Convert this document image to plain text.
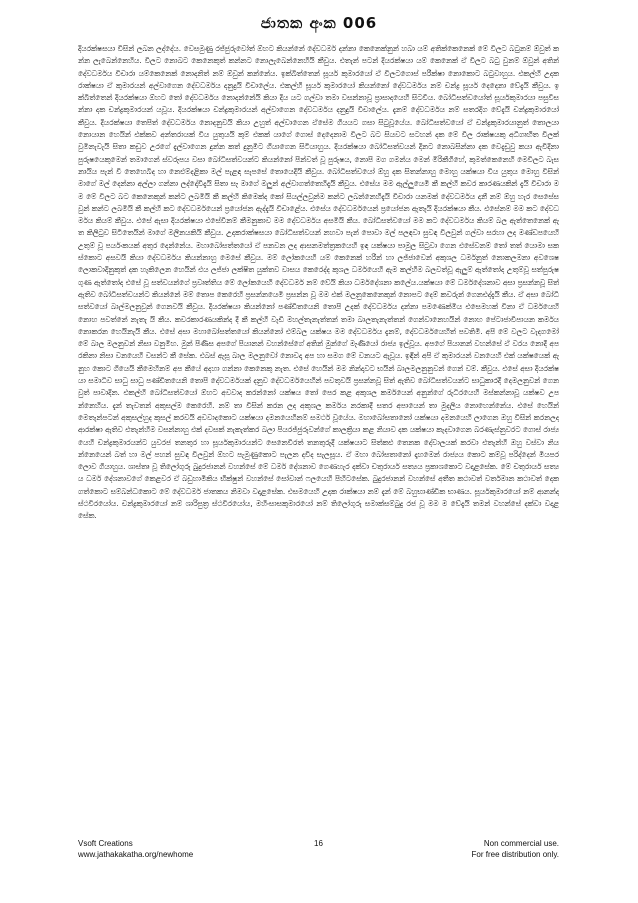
ජාතක අංක 006
දියරක්ෂසයා විසින් ලබන ලද්දේය. වෙසමුණු රජ්ජුරුවෝත් ඕහට කියන්නේ දේවධර්ම දන්නා කෙනෙක්නුන් හබා යම් අතික්කෙනෙක් මේ විලට බටුනම් ඕවුත් කන්න ලැබෙන්නෙහිය. විලට නොබට කෙනෙකුත් කන්නට නොලැබෙන්නෙහියි කීවුය. එතැන් පටන් දියරක්ෂයා යම් කෙනෙක් ඒ විලට බටු වුනම් ඕවුන් අතින් දේවධර්මය විචාරා යම්කෙනෙක් නොදනිත් නම් ඕවුන් කන්නේය. ඉක්බිත්තෙන් සූර්ය කුමාරයෝ ඒ විලටගොස් පරීක්ෂා නොකොට බටුවාහුය. එකල්හි උදක රාක්ෂයා ඒ කුමාරයන් අල්වාගෙන දේවධර්මය දනුදුයි විචාලේය. එකල්හි සූර්ය කුමාරයෝ කියන්නෝ දේවධර්මය නම් චන්ද්‍ර සූර්ය දෙදෙනා වේදැයි කීවුය. ඉක්බිත්තෙන් දියරක්ෂයා ඕහට තෝ දේවධර්මය නොදන්නේයි කියා දිය යට ගල්වා තමා වසන්නාවූ ප්‍රාසාදයෙහි සිටවීය. බෝධිසත්වයෝත් සූර්යකුමාරයා පසුවීසන්නා දක චන්ද්‍රකුමාරයන් යවූය. දියරක්ෂයා චන්ද්‍රකුමාරයන් අල්වාගෙන දේවධර්මය දනුදුයි විචාලේය. දැනම් දේවධර්මය නම් සතරදිග වේදැයි චන්ද්‍රකුමාරයෝ කීවුය. දියරක්ෂයා තෙපිත් දේවධර්මය නොදනුවයි කියා උහුත් අල්වාගෙන ඒසේම ගියයට ගසා සිටුවූයේය. බෝධිසත්වයෝ ඒ චන්ද්‍රකුමාරයානුත් තොලයා නොයාන හෙයින් එක්කව අන්තරායක් විය යුතුයයි කුම් එකක් යාගේ ගොස් දෙදෙනාම විලට බට සියවට සටහන් දක මේ විල රාක්ෂයකු අධිගෘහිත විලක් වුමිනැවැයි සිතා කඩුව උරගේ දැල්වාගෙන දුන්න කත් දුනුමිට ගියාගෙන සිටියාහුය. දියරක්ෂයා බෝධිසත්වයන් දිනට නොබසින්නා දක වෙදැඩුවු කයා ඇවිදිනා පුරුෂයෙකුමෙන් තමාගෙන් ස්වරූපය වසා බෝධිසත්වයන්ට කියන්නෝ පින්වත් වූ පුරුෂය, නොපි මග ගමන්ය මෙන් මිරිකීගිහේ, කුමත්කෙනෙහි මෙවිලට බැස නායිය පැන් වී තෙහෙබිද හා නෙළුම්දළිකා මල් පැළඳ සැපසේ තොයෙදියි කීවුය. බෝධිසත්වයෝ ඕහු දක සිතන්නාහු මොහු යක්ෂයා විය යුතුය මොහු විසින් මාගේ මල් දෙන්නා අල්ලා ගන්නා ලද්දෝවිදැයි සිතා සෑ මාගේ මලුන් අල්වාගත්තෙහිදැයි කීවුය. එසේය මම ඇල්ලුයෙමි කී කල්හි කවර කාරණයකින් දැයි විචාරා මම මේ විලට බට කෙනෙකුන් කන්ට ලබමියි කී කල්හි කිමෙක්ද කෝ සියල්ලවුන්ම කන්ට ලබන්නෙහිදැයි විචාරා යනමක් දේවධර්මය දනී නම් ඕහු හැර සෙසේසවුන් කන්ට ලබමියි කී කල්හි කට දේවධර්මයෙන් ප්‍රයෝජන ඇද්දැයි විචාළේය. එසේය දේවධර්මයෙන් ප්‍රයෝජන ඇතැයි දියරක්ෂයා කීය. එසේනම් මම කට දේවධර්මය කියම් කීවුය. එසේ ඇසා දියරක්ෂයා එසේවිනම් කීමනුකාව මම දේවධර්මය අසමියි කීය. බෝධිසත්වයෝ මම කට දේවධර්මය කියම් බල ඇත්තෙනෙක් ඇත කිලිටුව සිටිතෙයින් මාගේ මලිනයකියි කීවුය. උදකරාක්ෂසයා බෝධිසත්වයන් නහවා පැන් පොවා මල් පලඳවා සුවඳ විලවුන් ගල්වා සරහා ලද මණ්ඩපයෙහි උතුම් වූ පර්යංකයක් අතුර දෙන්නේය. මහාබෝසත්තයෝ ඒ පනවන ලද ආසනමත්ත්‍රකයෙහි ඉඳ යක්ෂයා පාමුල සිටුවා ගෙන එසේවනම් තෝ තත් යොමා සකස්කොට අසවයි කියා දේවධර්මය කියන්නාහු මෙසේ කීවුය. මම් ලෝකයෙහි යම් කෙනෙක් හරීන් හා ලජ්ජාවෙන් අකුශල ධර්මනුත් නොකලමනා අවශෙෂ ලොකවාදිනුකුත් දක හැකිලෙන හෙයින් එය ලජ්ජා ලක්ෂිත යුක්තව වාසය කෙරෙද්ද කුශල ධර්මයෙහි ඇම කල්හිම බලවත්වූ ඇලුම් ඇත්තෝද උතුම්වූ සත්පුරුෂ ගුණ ඇත්තෝද එසේ වූ සත්වයන්ගේ ප්‍රවෘත්තිය මේ ලෝකයෙහි දේවධර්ම නම් වේයි කියා ධර්මදේශනා කලේය.යක්ෂයා මේ ධර්මදේශනාව අසා ප්‍රසන්නවූ සිත් ඇතිව බෝධිසත්වයන්ට කියන්නේ මම් තොප කෙරෙහි ප්‍රසන්නයෙමි ප්‍රසන්න වූ මම එක් මලනුකෙනෙකුන් නොපට දෙම් කවරුන් ගෙනඑද්දැයි කීය. ඒ අසා බෝධි සත්වයෝ බාල්මලනුවුන් ගෙනවයි කීවුය. දියරක්ෂයා කියන්නෝ පණ්ඩිතයෙනි තොපි උදක් දේවධර්මය දන්නා පමණෙක්මිය එසෙමහක් විනා ඒ ධර්මයෙහි නොහ පවත්නේ නැතැ යි කීය. කවරකාරණයකින්ද දී කී කල්හි වැඩි මහල්තැනැත්තන් තමා බාලතැනැත්තන් ගෙන්වානෙහයින් නොහ පේටාජාවිපායන කර්මය නොකරන හෙයිනැයි කීය. එසේ අසා මහාබෝසත්තයෝ කියන්නෝ එම්බල යක්ෂය මම දේවධර්මය දැනම්, දේවධර්මයෙහිත් පවතිමි. අපි මේ වලට වැදගමෝ මේ බාල මලනුවන් නිසා වනුමිහ. මුන් පිණිස අපගේ පියානන් වහන්සේගේ අතින් මුන්ගේ මෑණියෝ රාජ්‍ය ඉල්වූය. අපගේ පියානන් වහන්සේ ඒ වරය නොදී අප රකිනා නිසා වනයෙහි වසන්ට කී සේක. එබස් ඇසූ බාල මලනුවෝ නොවදා අප හා සමග මේ වනයට ඇවූය. ඉඳින් අපි ඒ කුමාරයන් වනයෙහි එක් යක්ෂයෙක් ඇනුහ කොට ගියෙයි කීමෙහිනම් අප කීයේ අදහා ගන්නා කෙනෙකු නැත. එසේ හෙයින් මම නින්දාවට භයින් බාලමලනුනුවන් ගෙන් වම්. කීවුය. එසේ අසා දියරක්ෂයා සමාධිව සාධු සාධු පණ්ඩිතයෙනි තොපි දේවධර්මයක් දනුව දේවධර්මයෙහින් පවතුවයි ප්‍රසන්නවූ සිත් ඇතිව බෝධිසත්වයන්ට සාධුකාරදී දෙමලනුවන් ගෙනවුත් පාවාදින. එකල්හි බෝධිසත්වයෝ ඕහට අවවාද කරන්නෝ යක්ෂය තෝ පෙර කළ අකුශල කර්මයෙන් අනුන්ගේ රුධිරයෙහි මස්කන්නාවූ යක්ෂව උපන්නෙහිය. දැන් තැවතන් අකුසල්ම කෙරෙහි. නම් තා විසින් කරන ලද අකුශල කර්මය නරකාදී සතර අපායෙන් තා මුදලිය නොහෙන්නේය. එසේ හෙයින් මෙතැන්පටන් අකුසල්හුද කුසල් කරවයි අවවාදකොට යක්ෂයා දමනයෙහිනම් සමර්ථ වූයේය. මහාබෝසතානෝ යක්ෂයා දමනයෙහි ලාගෙන ඔහු විසින් කරනලද ආරක්ෂා ඇතිව එතැන්හිම වසන්නාහු එක් දවසක් නැකැත්කර බලා පියරජ්ජුරුවන්ගේ කාලක්‍රියා කළ නියාව දක යක්ෂයා කැදවාගෙන බරණැස්නුවරට ගොස් රාජ්‍යයෙහි චන්ද්‍රකුමාරයන්ට යුවරජ තනතුර හා සූර්යකුමාරයන්ට සෙනෙවිරත් තනතුරුදී යක්ෂයාට සිත්කළු තෙනක දේවාලයක් කරවා එතැන්හි ඔහු වස්වා නියන්නෙයෙන් බත් හා මල් පහන් සුවඳ විලවුන් ඕහට පැමුණුකොට පැලන දවිද සැලසූය. ඒ මහා බෝසතානෝ දෑහමෙන් රාජ්‍යය කොට කම්වූ පරිද්දෙන් මියපරලොව ගියාහුය. ශාස්තෘ වූ තිලෝගුරු බුදුරජානන් වහන්සේ මේ ධර්ම දේශනාව ගෙණහැර දක්වා චතුරාර්ය සත්‍යය ප්‍රකාශකොට වදාළසේක. මේ චතුරාර්ය සත්‍යය ධර්ම දේශනාවගේ කෙළවර ඒ බඩුහාමිකිය භික්ෂුන් වහන්සේ සෝවාන් ෆලයෙහි පිහිටසේක. බුදුරජානන් වහන්සේ අතීත කථාවත් වර්තමාන කථාවත් දෙක ගත්කොට සම්බන්ධකොට මේ දේවධර්ම ජාතකය නිමවා වදාළසේක. එසමයෙහි උදක රාක්ෂයා නම් දැන් මේ බහුභාණ්ඩික භාණය. සූර්යකුමාරයෝ නම් ආනන්ද ස්ථවිරයෝය. චන්ද්‍රකුමාරයෝ නම් ශාරිපුත්‍ර ස්ථවිරයෝය, මහිංසාසකුමාරයෝ නම් තිලෝගුරු සමාක්සම්බුදු රජ වූ මම ම වේදැයි තමන් වහන්සේ දක්වා වදාළසේක.
Vsoft Creations
www.jathakakatha.org/newhome
16	Non commercial use.
For free distribution only.
